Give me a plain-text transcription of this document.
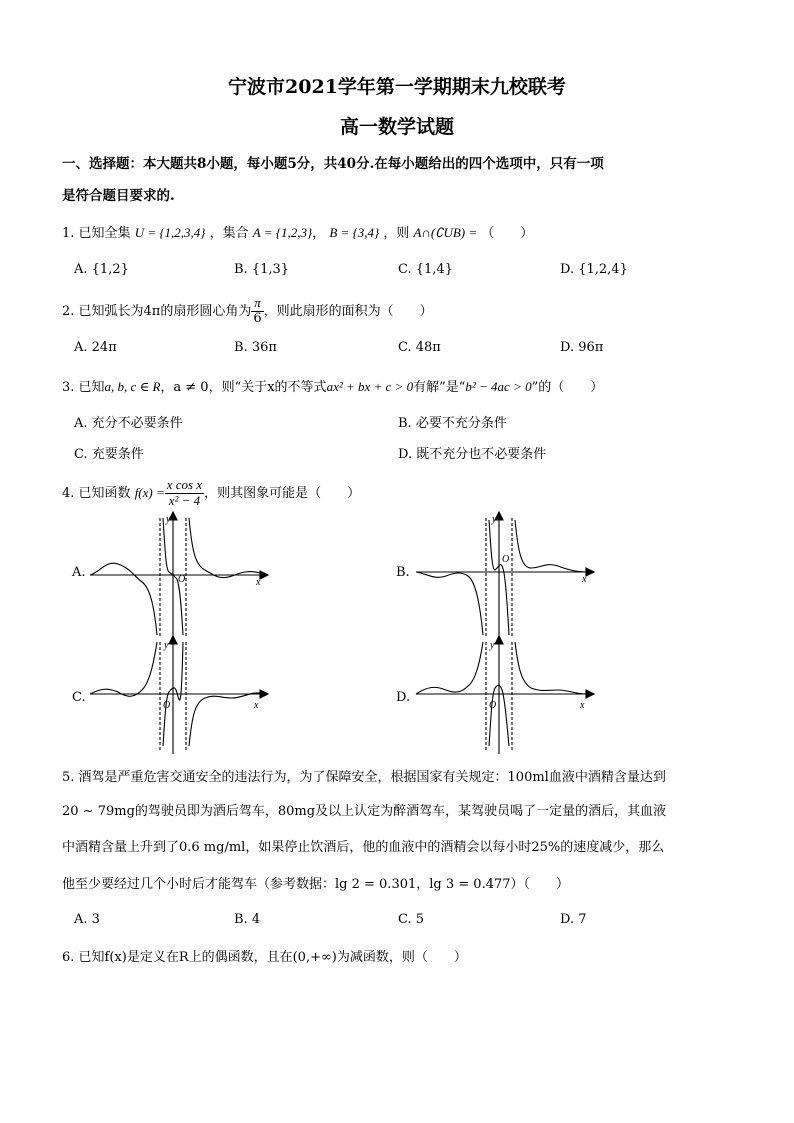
宁波市2021学年第一学期期末九校联考
高一数学试题
一、选择题：本大题共8小题，每小题5分，共40分.在每小题给出的四个选项中，只有一项
是符合题目要求的.
1. 已知全集 U = {1,2,3,4} ，集合 A = {1,2,3}， B = {3,4} ，则 A∩(∁UB) = （　　）
A. {1,2}	B. {1,3}	C. {1,4}	D. {1,2,4}
2. 已知弧长为4π的扇形圆心角为 $\frac{\pi}{6}$ ，则此扇形的面积为（　　）
A. 24π	B. 36π	C. 48π	D. 96π
3. 已知a, b, c ∈ R，a ≠ 0，则“关于x的不等式ax² + bx + c > 0有解”是“b² − 4ac > 0”的（　　）
A. 充分不必要条件	B. 必要不充分条件
C. 充要条件	D. 既不充分也不必要条件
4. 已知函数 $f(x) = \frac{\text{x cos x}}{\text{x² − 4}}$ ，则其图象可能是（　　）
A.	B.
C.	D.
O	x
y
O
x
y
O	x
y
O	x
y
5. 酒驾是严重危害交通安全的违法行为，为了保障安全，根据国家有关规定：100ml血液中酒精含量达到
20 ~ 79mg的驾驶员即为酒后驾车，80mg及以上认定为醉酒驾车，某驾驶员喝了一定量的酒后，其血液
中酒精含量上升到了0.6 mg/ml，如果停止饮酒后，他的血液中的酒精会以每小时25%的速度减少，那么
他至少要经过几个小时后才能驾车（参考数据：lg 2 = 0.301，lg 3 = 0.477）（　　）
A. 3	B. 4	C. 5	D. 7
6. 已知f(x)是定义在R上的偶函数，且在(0,+∞)为减函数，则（　　）
